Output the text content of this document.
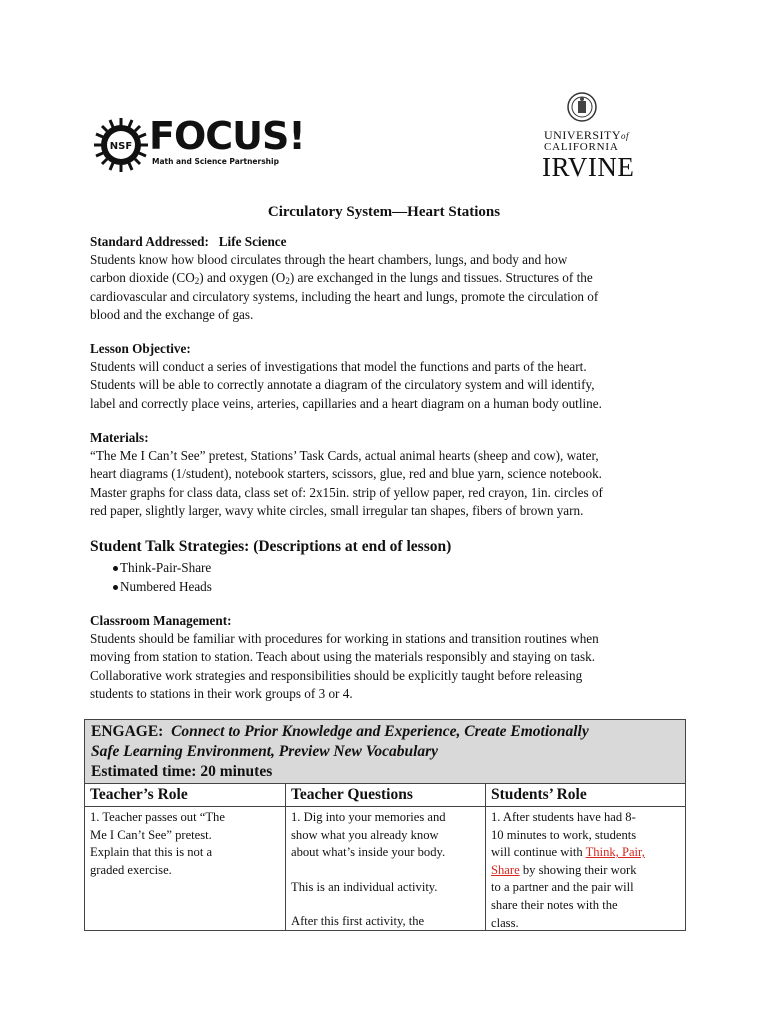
NSF FOCUS!
Math and Science Partnership
UNIVERSITYof
CALIFORNIA
IRVINE
Circulatory System—Heart Stations
Standard Addressed: Life Science
Students know how blood circulates through the heart chambers, lungs, and body and how
carbon dioxide $(CO_2)$ and oxygen $(O_2)$ are exchanged in the lungs and tissues. Structures of the
cardiovascular and circulatory systems, including the heart and lungs, promote the circulation of
blood and the exchange of gas.
Lesson Objective:
Students will conduct a series of investigations that model the functions and parts of the heart.
Students will be able to correctly annotate a diagram of the circulatory system and will identify,
label and correctly place veins, arteries, capillaries and a heart diagram on a human body outline.
Materials:
“The Me I Can’t See” pretest, Stations’ Task Cards, actual animal hearts (sheep and cow), water,
heart diagrams (1/student), notebook starters, scissors, glue, red and blue yarn, science notebook.
Master graphs for class data, class set of: 2x15in. strip of yellow paper, red crayon, 1in. circles of
red paper, slightly larger, wavy white circles, small irregular tan shapes, fibers of brown yarn.
Student Talk Strategies: (Descriptions at end of lesson)
Think-Pair-Share
Numbered Heads
Classroom Management:
Students should be familiar with procedures for working in stations and transition routines when
moving from station to station. Teach about using the materials responsibly and staying on task.
Collaborative work strategies and responsibilities should be explicitly taught before releasing
students to stations in their work groups of 3 or 4.
ENGAGE: Connect to Prior Knowledge and Experience, Create Emotionally
Safe Learning Environment, Preview New Vocabulary
Estimated time: 20 minutes
Teacher’s Role
1. Teacher passes out “The
Me I Can’t See” pretest.
Explain that this is not a
graded exercise.
Teacher Questions
1. Dig into your memories and
show what you already know
about what’s inside your body.
This is an individual activity.
After this first activity, the
Students’ Role
1. After students have had 8-
10 minutes to work, students
will continue with Think, Pair,
Share by showing their work
to a partner and the pair will
share their notes with the
class.
